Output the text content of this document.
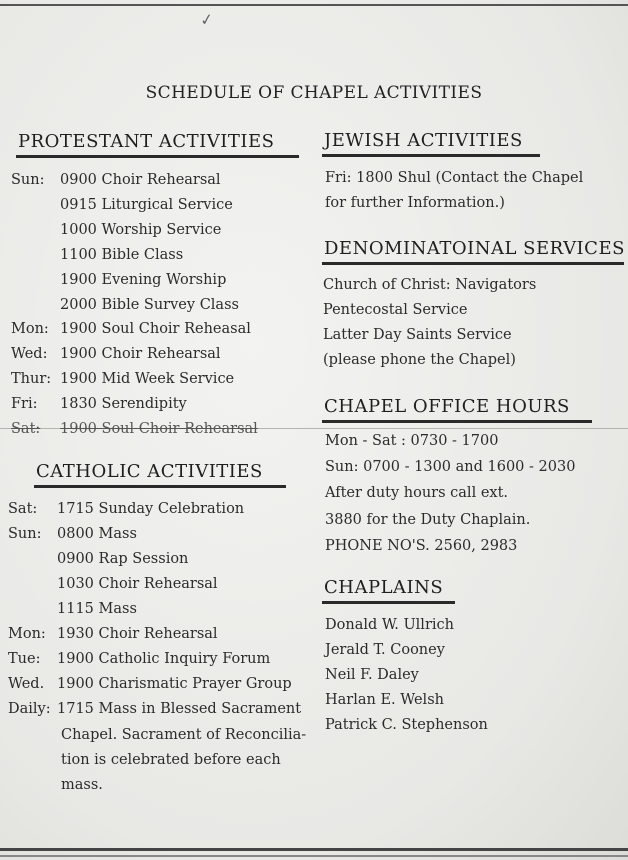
✓
SCHEDULE OF CHAPEL ACTIVITIES
PROTESTANT ACTIVITIES
Sun: 0900 Choir Rehearsal
0915 Liturgical Service
1000 Worship Service
1100 Bible Class
1900 Evening Worship
2000 Bible Survey Class
Mon: 1900 Soul Choir Reheasal
Wed: 1900 Choir Rehearsal
Thur: 1900 Mid Week Service
Fri: 1830 Serendipity
Sat: 1900 Soul Choir Rehearsal
CATHOLIC ACTIVITIES
Sat: 1715 Sunday Celebration
Sun: 0800 Mass
0900 Rap Session
1030 Choir Rehearsal
1115 Mass
Mon: 1930 Choir Rehearsal
Tue: 1900 Catholic Inquiry Forum
Wed. 1900 Charismatic Prayer Group
Daily: 1715 Mass in Blessed Sacrament
Chapel. Sacrament of Reconcilia-
tion is celebrated before each
mass.
JEWISH ACTIVITIES
Fri: 1800 Shul (Contact the Chapel
for further Information.)
DENOMINATOINAL SERVICES
Church of Christ: Navigators
Pentecostal Service
Latter Day Saints Service
(please phone the Chapel)
CHAPEL OFFICE HOURS
Mon - Sat : 0730 - 1700
Sun: 0700 - 1300 and 1600 - 2030
After duty hours call ext.
3880 for the Duty Chaplain.
PHONE NO'S. 2560, 2983
CHAPLAINS
Donald W. Ullrich
Jerald T. Cooney
Neil F. Daley
Harlan E. Welsh
Patrick C. Stephenson
